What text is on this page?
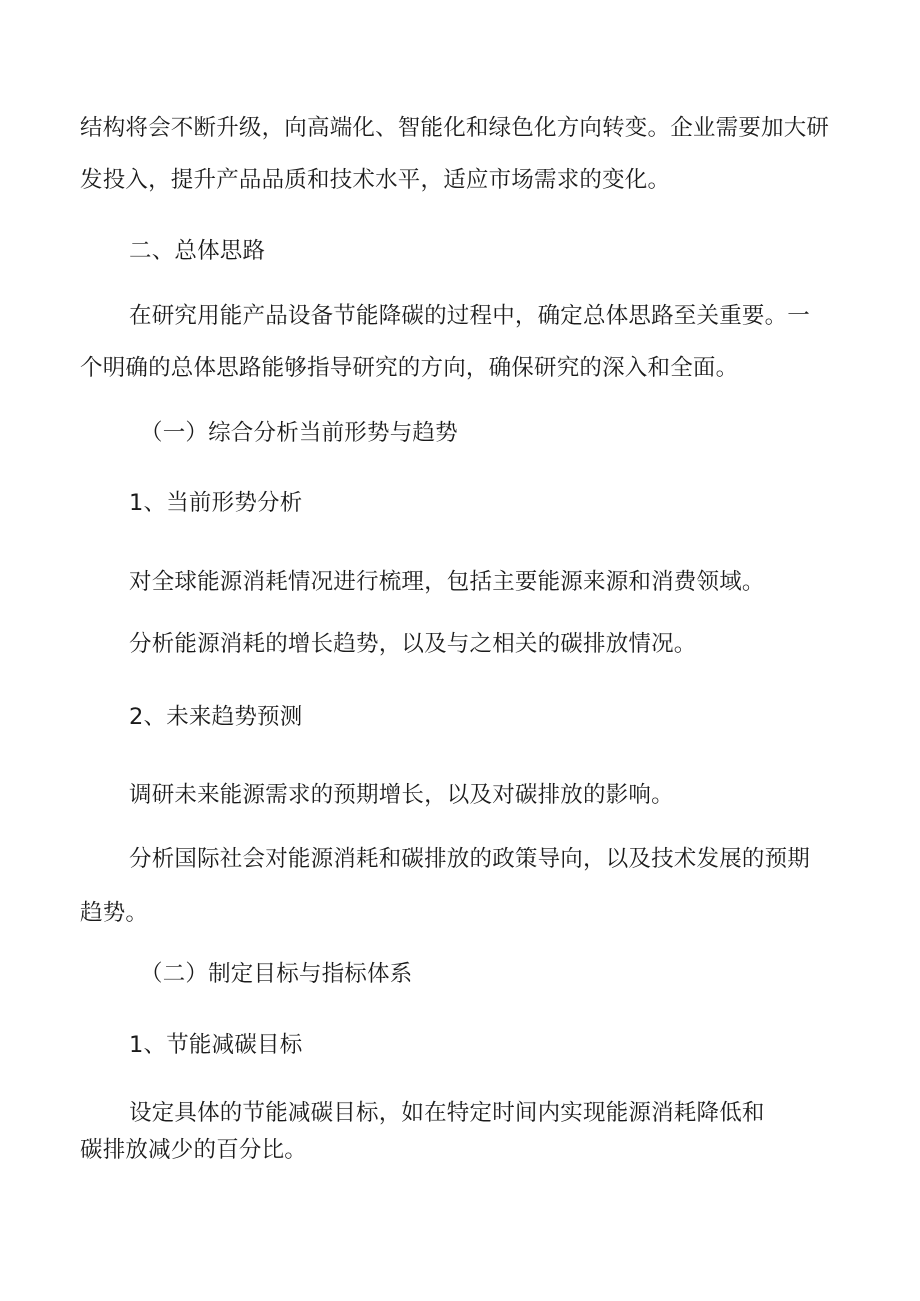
结构将会不断升级，向高端化、智能化和绿色化方向转变。企业需要加大研
发投入，提升产品品质和技术水平，适应市场需求的变化。
二、总体思路
在研究用能产品设备节能降碳的过程中，确定总体思路至关重要。一
个明确的总体思路能够指导研究的方向，确保研究的深入和全面。
（一）综合分析当前形势与趋势
1、当前形势分析
对全球能源消耗情况进行梳理，包括主要能源来源和消费领域。
分析能源消耗的增长趋势，以及与之相关的碳排放情况。
2、未来趋势预测
调研未来能源需求的预期增长，以及对碳排放的影响。
分析国际社会对能源消耗和碳排放的政策导向，以及技术发展的预期
趋势。
（二）制定目标与指标体系
1、节能减碳目标
设定具体的节能减碳目标，如在特定时间内实现能源消耗降低和
碳排放减少的百分比。
